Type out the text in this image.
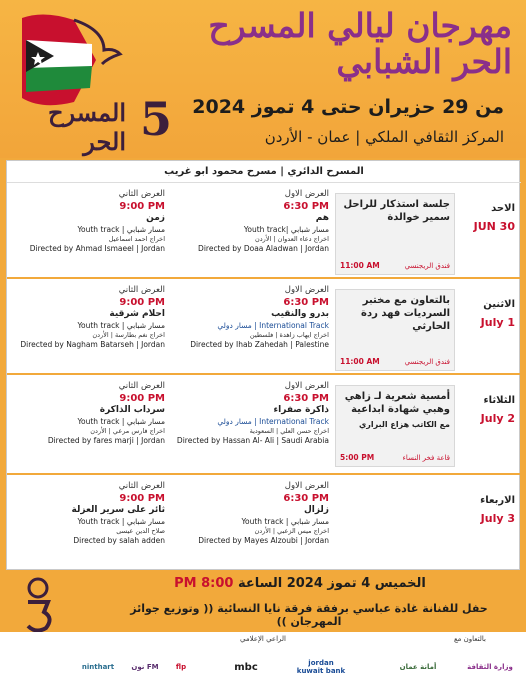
المسرح الحر 5
مهرجان ليالي المسرح الحر الشبابي
من 29 حزيران حتى 4 تموز 2024
المركز الثقافي الملكي | عمان - الأردن
المسرح الدائري | مسرح محمود ابو غريب
الاحد
JUN 30
جلسة استذكار للراحل سمير خوالدة
فندق الريجنسي
11:00 AM
العرض الاول
6:30 PM
هم
Youth track| مسار شبابي
اخراج دعاء العدوان | الأردن
Directed by Doaa Aladwan | Jordan
العرض الثاني
9:00 PM
زمن
Youth track | مسار شبابي
اخراج احمد اسماعيل
Directed by Ahmad Ismaeel | Jordan
الاثنين
July 1
بالتعاون مع مختبر السرديات فهد ردة الحارثي
فندق الريجنسي
11:00 AM
العرض الاول
6:30 PM
بدرو والنقيب
مسار دولي | International Track
اخراج ايهاب زاهدة | فلسطين
Directed by Ihab Zahedah | Palestine
العرض الثاني
9:00 PM
احلام شرقية
Youth track | مسار شبابي
اخراج نغم بطارسة | الأردن
Directed by Nagham Batarseh | Jordan
الثلاثاء
July 2
أمسية شعرية لـ زاهي وهبي شهادة ابداعية
مع الكاتب هزاع البراري
قاعة فخر النساء
5:00 PM
العرض الاول
6:30 PM
ذاكرة صفراء
مسار دولي | International Track
اخراج حسن العلي | السعودية
Directed by Hassan Al- Ali | Saudi Arabia
العرض الثاني
9:00 PM
سرداب الذاكرة
Youth track | مسار شبابي
اخراج فارس مرعي | الأردن
Directed by fares marji | Jordan
الاربعاء
July 3
العرض الاول
6:30 PM
زلزال
Youth track | مسار شبابي
اخراج ميس الزعبي | الأردن
Directed by Mayes Alzoubi | Jordan
العرض الثاني
9:00 PM
ثائر على سرير العزلة
Youth track | مسار شبابي
صلاح الدين عيسى
Directed by salah adden
الخميس 4 تموز 2024 الساعة 8:00 PM
حفل للفنانة غادة عباسي برفقة فرقة نايا النسائية (( وتوزيع جوائز المهرجان ))
الراعي الإعلامي	بالتعاون مع
ninthart	نون FM	flp	mbc	jordan kuwait bank	أمانة عمان	وزارة الثقافة
